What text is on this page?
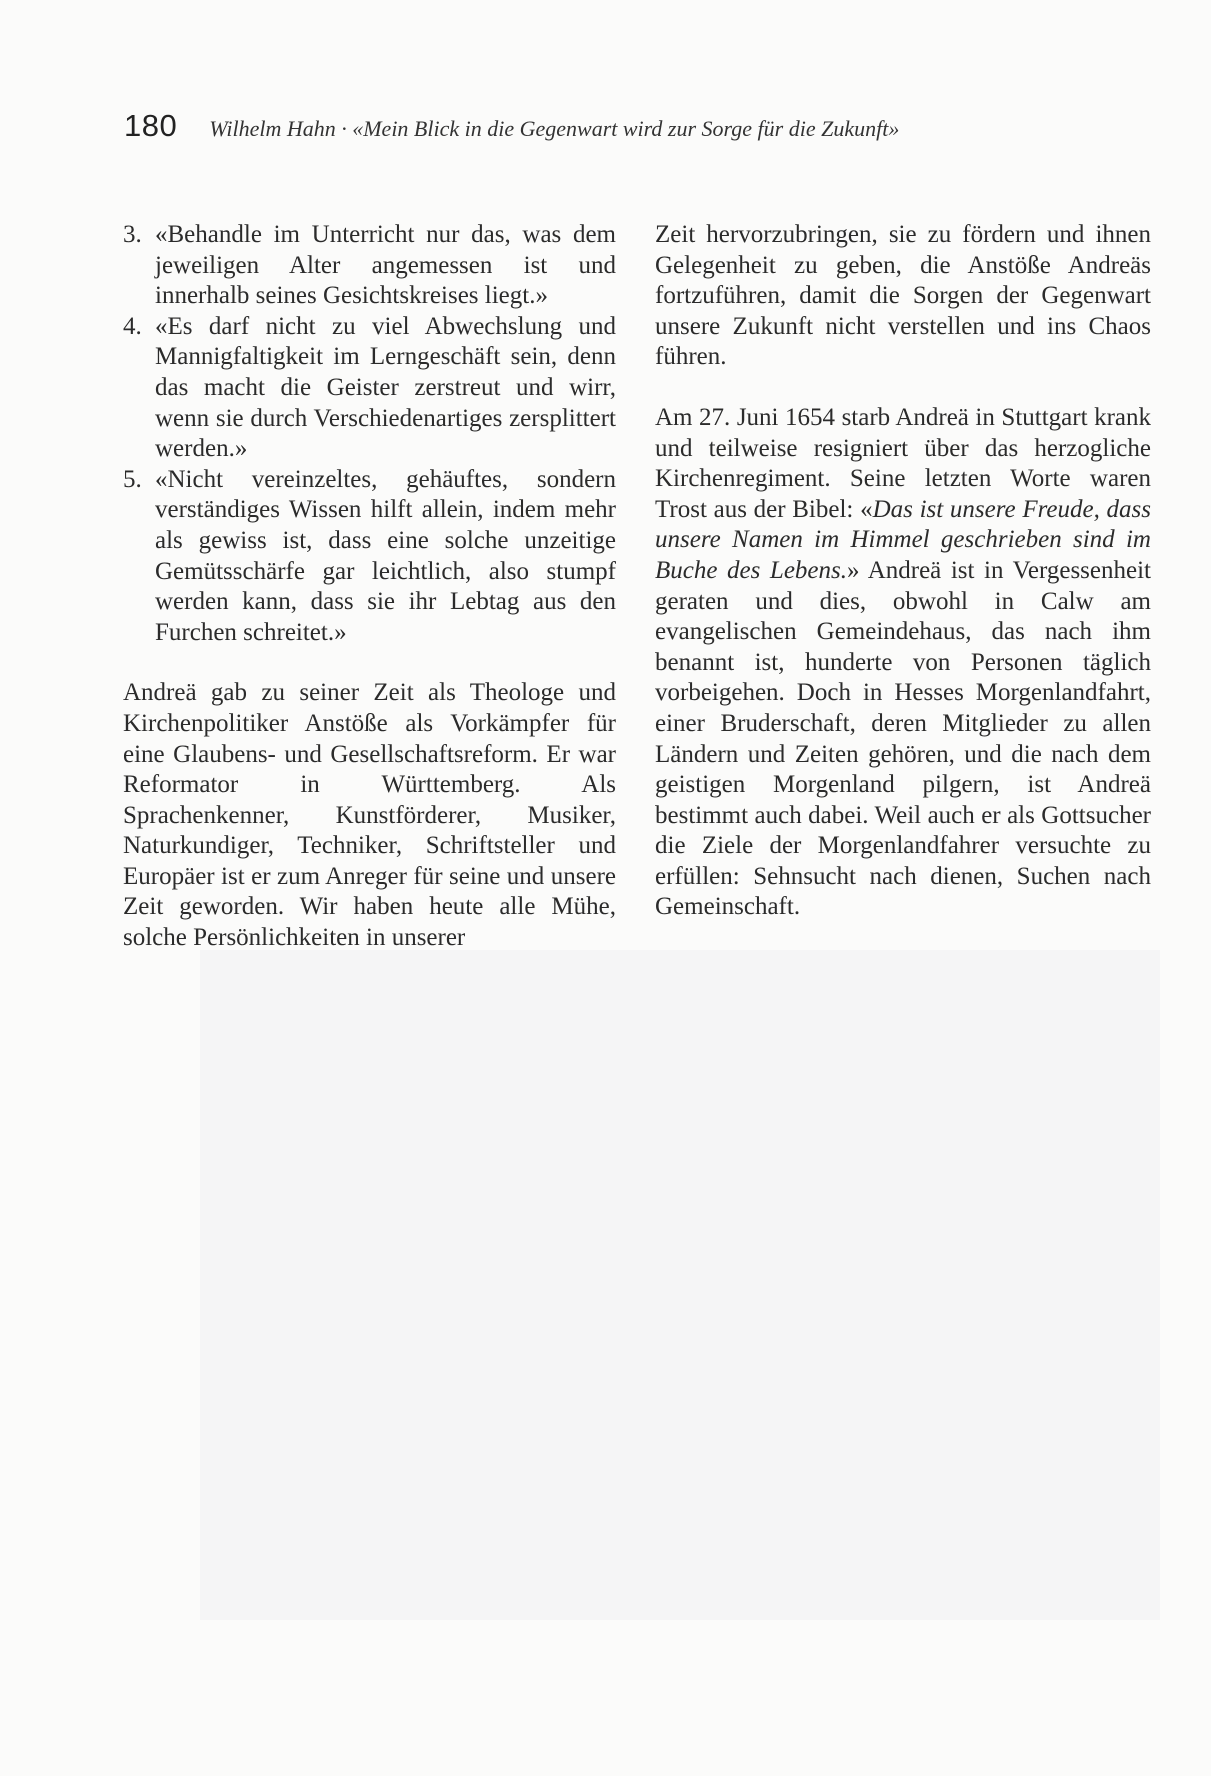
180 Wilhelm Hahn · «Mein Blick in die Gegenwart wird zur Sorge für die Zukunft»
3. «Behandle im Unterricht nur das, was dem jeweiligen Alter angemessen ist und innerhalb seines Gesichtskreises liegt.»
4. «Es darf nicht zu viel Abwechslung und Mannigfaltigkeit im Lerngeschäft sein, denn das macht die Geister zerstreut und wirr, wenn sie durch Verschiedenartiges zersplittert werden.»
5. «Nicht vereinzeltes, gehäuftes, sondern verständiges Wissen hilft allein, indem mehr als gewiss ist, dass eine solche unzeitige Gemütsschärfe gar leichtlich, also stumpf werden kann, dass sie ihr Lebtag aus den Furchen schreitet.»

Andreä gab zu seiner Zeit als Theologe und Kirchenpolitiker Anstöße als Vorkämpfer für eine Glaubens- und Gesellschaftsreform. Er war Reformator in Württemberg. Als Sprachenkenner, Kunstförderer, Musiker, Naturkundiger, Techniker, Schriftsteller und Europäer ist er zum Anreger für seine und unsere Zeit geworden. Wir haben heute alle Mühe, solche Persönlichkeiten in unserer

Zeit hervorzubringen, sie zu fördern und ihnen Gelegenheit zu geben, die Anstöße Andreäs fortzuführen, damit die Sorgen der Gegenwart unsere Zukunft nicht verstellen und ins Chaos führen.

Am 27. Juni 1654 starb Andreä in Stuttgart krank und teilweise resigniert über das herzogliche Kirchenregiment. Seine letzten Worte waren Trost aus der Bibel: «Das ist unsere Freude, dass unsere Namen im Himmel geschrieben sind im Buche des Lebens.» Andreä ist in Vergessenheit geraten und dies, obwohl in Calw am evangelischen Gemeindehaus, das nach ihm benannt ist, hunderte von Personen täglich vorbeigehen. Doch in Hesses Morgenlandfahrt, einer Bruderschaft, deren Mitglieder zu allen Ländern und Zeiten gehören, und die nach dem geistigen Morgenland pilgern, ist Andreä bestimmt auch dabei. Weil auch er als Gottsucher die Ziele der Morgenlandfahrer versuchte zu erfüllen: Sehnsucht nach dienen, Suchen nach Gemeinschaft.
